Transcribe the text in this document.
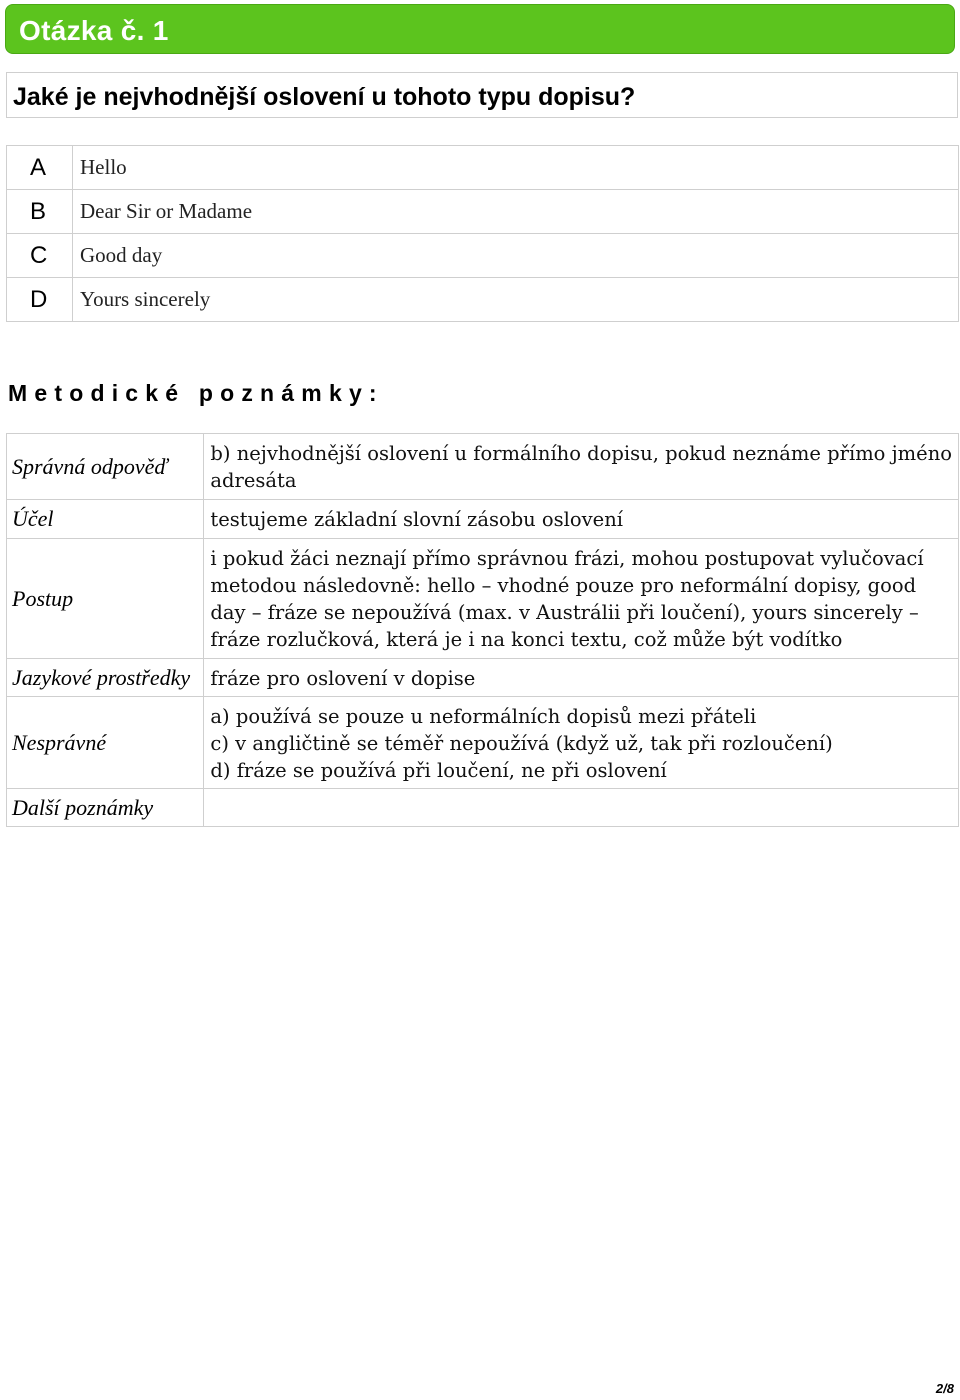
Otázka č. 1
Jaké je nejvhodnější oslovení u tohoto typu dopisu?
A	Hello
B	Dear Sir or Madame
C	Good day
D	Yours sincerely
Metodické poznámky:
Správná odpověď	b) nejvhodnější oslovení u formálního dopisu, pokud neznáme přímo jméno
adresáta

Účel	testujeme základní slovní zásobu oslovení

Postup	i pokud žáci neznají přímo správnou frázi, mohou postupovat vylučovací
metodou následovně: hello – vhodné pouze pro neformální dopisy, good
day – fráze se nepoužívá (max. v Austrálii při loučení), yours sincerely –
fráze rozlučková, která je i na konci textu, což může být vodítko

Jazykové prostředky	fráze pro oslovení v dopise

Nesprávné	a) používá se pouze u neformálních dopisů mezi přáteli
c) v angličtině se téměř nepoužívá (když už, tak při rozloučení)
d) fráze se používá při loučení, ne při oslovení

Další poznámky	
2/8
